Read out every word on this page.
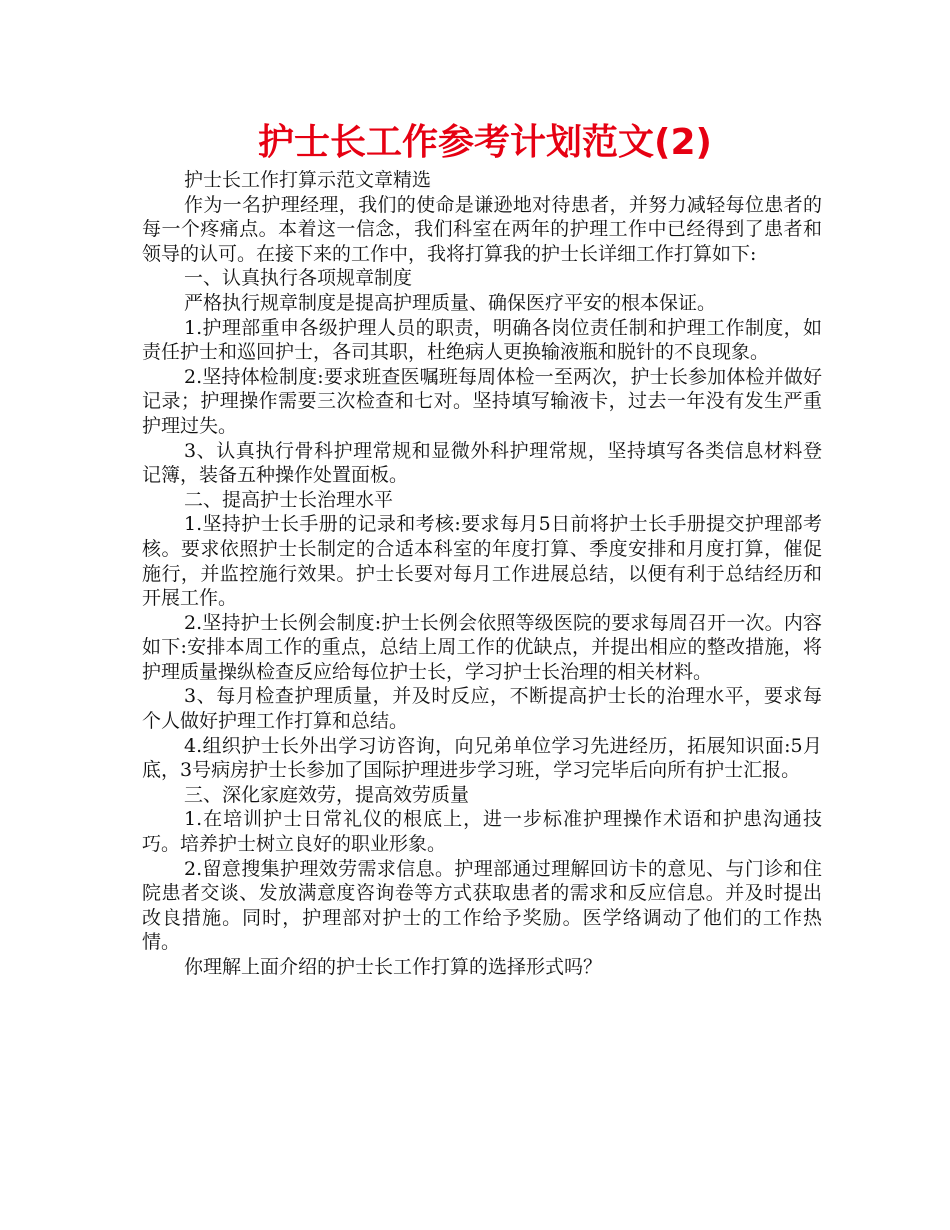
护士长工作参考计划范文(2)

护士长工作打算示范文章精选

作为一名护理经理，我们的使命是谦逊地对待患者，并努力减轻每位患者的每一个疼痛点。本着这一信念，我们科室在两年的护理工作中已经得到了患者和领导的认可。在接下来的工作中，我将打算我的护士长详细工作打算如下:

一、认真执行各项规章制度

严格执行规章制度是提高护理质量、确保医疗平安的根本保证。

1.护理部重申各级护理人员的职责，明确各岗位责任制和护理工作制度，如责任护士和巡回护士，各司其职，杜绝病人更换输液瓶和脱针的不良现象。

2.坚持体检制度:要求班查医嘱班每周体检一至两次，护士长参加体检并做好记录；护理操作需要三次检查和七对。坚持填写输液卡，过去一年没有发生严重护理过失。

3、认真执行骨科护理常规和显微外科护理常规，坚持填写各类信息材料登记簿，装备五种操作处置面板。

二、提高护士长治理水平

1.坚持护士长手册的记录和考核:要求每月5日前将护士长手册提交护理部考核。要求依照护士长制定的合适本科室的年度打算、季度安排和月度打算，催促施行，并监控施行效果。护士长要对每月工作进展总结，以便有利于总结经历和开展工作。

2.坚持护士长例会制度:护士长例会依照等级医院的要求每周召开一次。内容如下:安排本周工作的重点，总结上周工作的优缺点，并提出相应的整改措施，将护理质量操纵检查反应给每位护士长，学习护士长治理的相关材料。

3、每月检查护理质量，并及时反应，不断提高护士长的治理水平，要求每个人做好护理工作打算和总结。

4.组织护士长外出学习访咨询，向兄弟单位学习先进经历，拓展知识面:5月底，3号病房护士长参加了国际护理进步学习班，学习完毕后向所有护士汇报。

三、深化家庭效劳，提高效劳质量

1.在培训护士日常礼仪的根底上，进一步标准护理操作术语和护患沟通技巧。培养护士树立良好的职业形象。

2.留意搜集护理效劳需求信息。护理部通过理解回访卡的意见、与门诊和住院患者交谈、发放满意度咨询卷等方式获取患者的需求和反应信息。并及时提出改良措施。同时，护理部对护士的工作给予奖励。医学络调动了他们的工作热情。

你理解上面介绍的护士长工作打算的选择形式吗？
